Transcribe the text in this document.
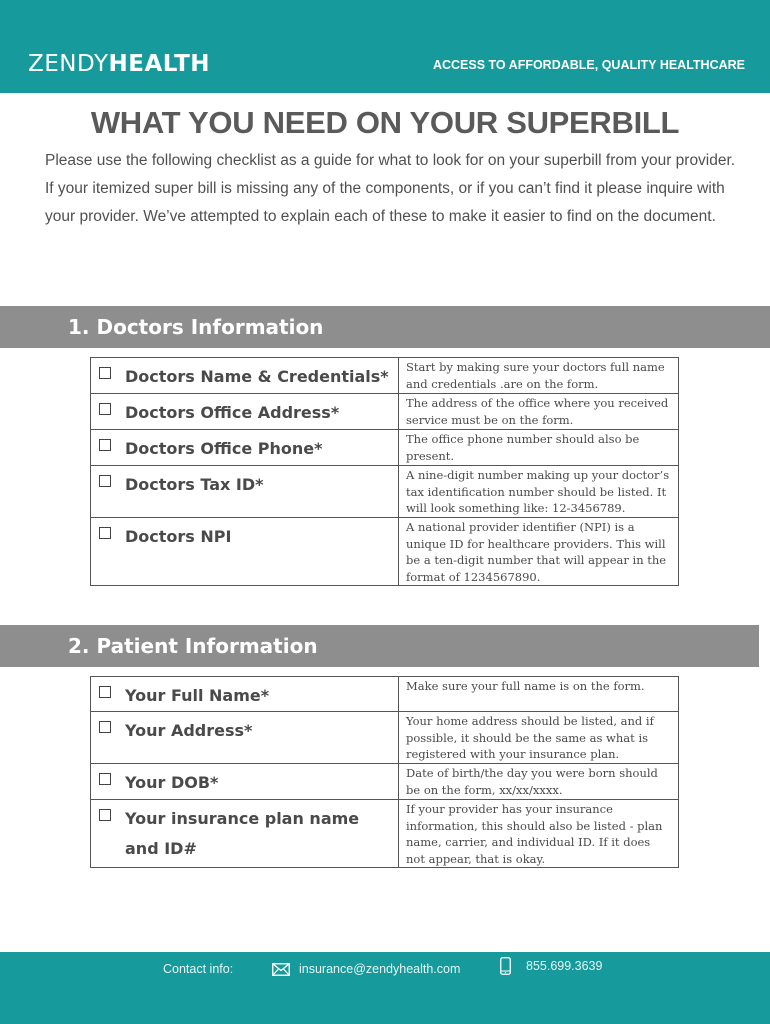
ZENDYHEALTH	ACCESS TO AFFORDABLE, QUALITY HEALTHCARE
WHAT YOU NEED ON YOUR SUPERBILL

Please use the following checklist as a guide for what to look for on your superbill from your provider. If your itemized super bill is missing any of the components, or if you can’t find it please inquire with your provider. We’ve attempted to explain each of these to make it easier to find on the document.

1. Doctors Information
Doctors Name & Credentials*	Start by making sure your doctors full name and credentials .are on the form.

Doctors Office Address*	The address of the office where you received service must be on the form.

Doctors Office Phone*	The office phone number should also be present.

Doctors Tax ID*	A nine-digit number making up your doctor’s tax identification number should be listed. It will look something like: 12-3456789.

Doctors NPI	A national provider identifier (NPI) is a unique ID for healthcare providers. This will be a ten-digit number that will appear in the format of 1234567890.
2. Patient Information
Your Full Name*	Make sure your full name is on the form.

Your Address*	Your home address should be listed, and if possible, it should be the same as what is registered with your insurance plan.

Your DOB*	Date of birth/the day you were born should be on the form, xx/xx/xxxx.

Your insurance plan name and ID#	If your provider has your insurance information, this should also be listed - plan name, carrier, and individual ID. If it does not appear, that is okay.
Contact info:	insurance@zendyhealth.com	855.699.3639
